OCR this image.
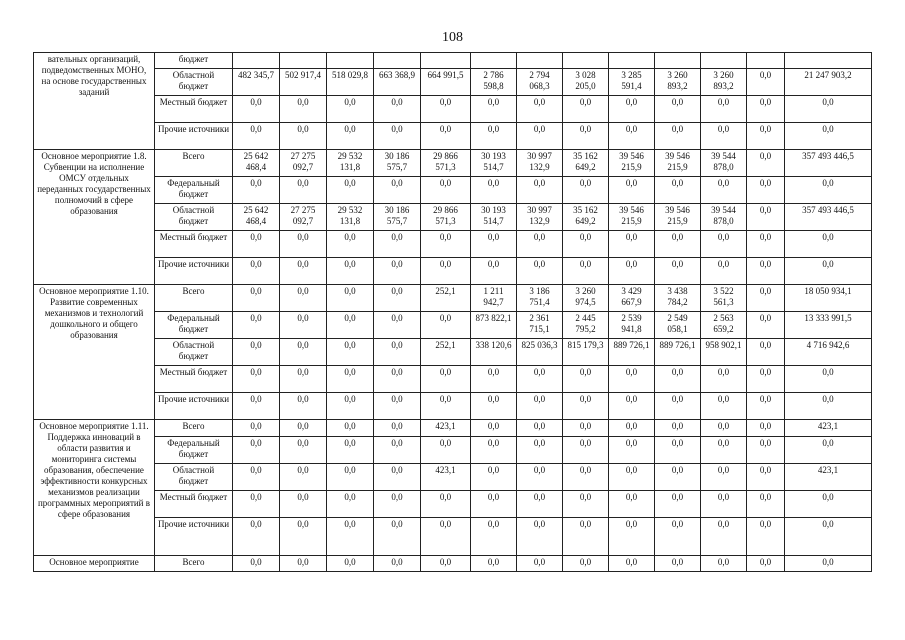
108
вательных организаций, подведомственных МОНО, на основе государственных заданий	бюджет													
	Областной бюджет	482 345,7	502 917,4	518 029,8	663 368,9	664 991,5	2 786 598,8	2 794 068,3	3 028 205,0	3 285 591,4	3 260 893,2	3 260 893,2	0,0	21 247 903,2
	Местный бюджет	0,0	0,0	0,0	0,0	0,0	0,0	0,0	0,0	0,0	0,0	0,0	0,0	0,0
	Прочие источники	0,0	0,0	0,0	0,0	0,0	0,0	0,0	0,0	0,0	0,0	0,0	0,0	0,0
Основное мероприятие 1.8. Субвенции на исполнение ОМСУ отдельных переданных государственных полномочий в сфере образования	Всего	25 642 468,4	27 275 092,7	29 532 131,8	30 186 575,7	29 866 571,3	30 193 514,7	30 997 132,9	35 162 649,2	39 546 215,9	39 546 215,9	39 544 878,0	0,0	357 493 446,5
	Федеральный бюджет	0,0	0,0	0,0	0,0	0,0	0,0	0,0	0,0	0,0	0,0	0,0	0,0	0,0
	Областной бюджет	25 642 468,4	27 275 092,7	29 532 131,8	30 186 575,7	29 866 571,3	30 193 514,7	30 997 132,9	35 162 649,2	39 546 215,9	39 546 215,9	39 544 878,0	0,0	357 493 446,5
	Местный бюджет	0,0	0,0	0,0	0,0	0,0	0,0	0,0	0,0	0,0	0,0	0,0	0,0	0,0
	Прочие источники	0,0	0,0	0,0	0,0	0,0	0,0	0,0	0,0	0,0	0,0	0,0	0,0	0,0
Основное мероприятие 1.10. Развитие современных механизмов и технологий дошкольного и общего образования	Всего	0,0	0,0	0,0	0,0	252,1	1 211 942,7	3 186 751,4	3 260 974,5	3 429 667,9	3 438 784,2	3 522 561,3	0,0	18 050 934,1
	Федеральный бюджет	0,0	0,0	0,0	0,0	0,0	873 822,1	2 361 715,1	2 445 795,2	2 539 941,8	2 549 058,1	2 563 659,2	0,0	13 333 991,5
	Областной бюджет	0,0	0,0	0,0	0,0	252,1	338 120,6	825 036,3	815 179,3	889 726,1	889 726,1	958 902,1	0,0	4 716 942,6
	Местный бюджет	0,0	0,0	0,0	0,0	0,0	0,0	0,0	0,0	0,0	0,0	0,0	0,0	0,0
	Прочие источники	0,0	0,0	0,0	0,0	0,0	0,0	0,0	0,0	0,0	0,0	0,0	0,0	0,0
Основное мероприятие 1.11. Поддержка инноваций в области развития и мониторинга системы образования, обеспечение эффективности конкурсных механизмов реализации программных мероприятий в сфере образования	Всего	0,0	0,0	0,0	0,0	423,1	0,0	0,0	0,0	0,0	0,0	0,0	0,0	423,1
	Федеральный бюджет	0,0	0,0	0,0	0,0	0,0	0,0	0,0	0,0	0,0	0,0	0,0	0,0	0,0
	Областной бюджет	0,0	0,0	0,0	0,0	423,1	0,0	0,0	0,0	0,0	0,0	0,0	0,0	423,1
	Местный бюджет	0,0	0,0	0,0	0,0	0,0	0,0	0,0	0,0	0,0	0,0	0,0	0,0	0,0
	Прочие источники	0,0	0,0	0,0	0,0	0,0	0,0	0,0	0,0	0,0	0,0	0,0	0,0	0,0
Основное мероприятие	Всего	0,0	0,0	0,0	0,0	0,0	0,0	0,0	0,0	0,0	0,0	0,0	0,0	0,0
